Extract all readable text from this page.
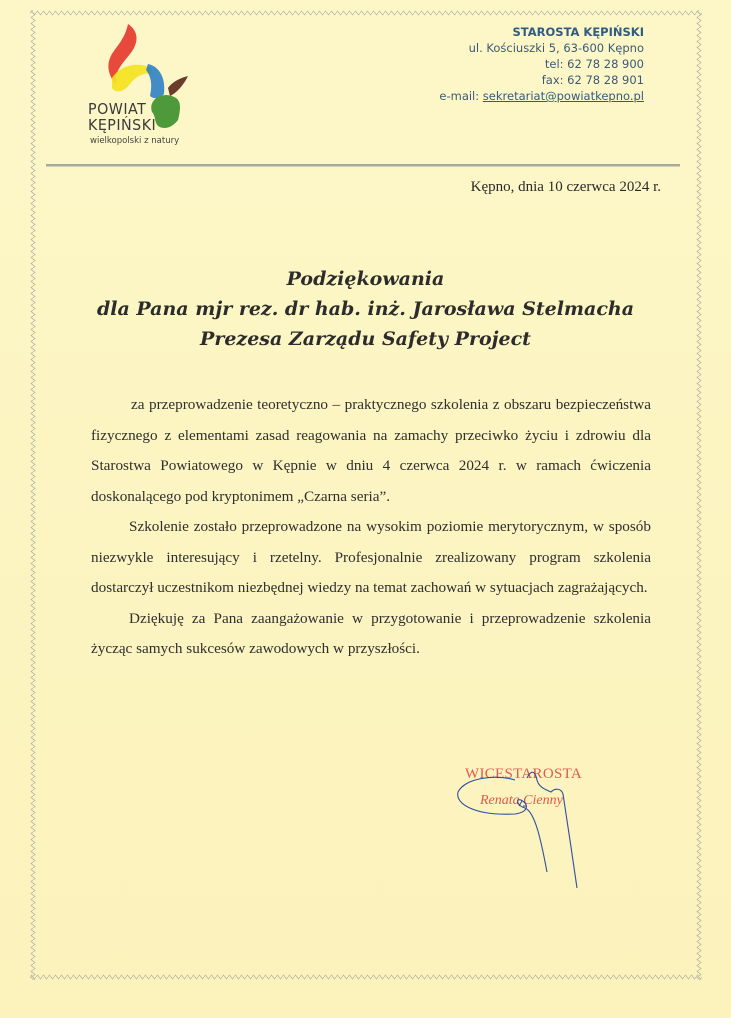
POWIAT
KĘPIŃSKI
wielkopolski z natury
STAROSTA KĘPIŃSKI
ul. Kościuszki 5, 63-600 Kępno
tel: 62 78 28 900
fax: 62 78 28 901
e-mail: sekretariat@powiatkepno.pl
Kępno, dnia 10 czerwca 2024 r.
Podziękowania
dla Pana mjr rez. dr hab. inż. Jarosława Stelmacha
Prezesa Zarządu Safety Project

za przeprowadzenie teoretyczno – praktycznego szkolenia z obszaru bezpieczeństwa fizycznego z elementami zasad reagowania na zamachy przeciwko życiu i zdrowiu dla Starostwa Powiatowego w Kępnie w dniu 4 czerwca 2024 r. w ramach ćwiczenia doskonalącego pod kryptonimem „Czarna seria”.

Szkolenie zostało przeprowadzone na wysokim poziomie merytorycznym, w sposób niezwykle interesujący i rzetelny. Profesjonalnie zrealizowany program szkolenia dostarczył uczestnikom niezbędnej wiedzy na temat zachowań w sytuacjach zagrażających.

Dziękuję za Pana zaangażowanie w przygotowanie i przeprowadzenie szkolenia życząc samych sukcesów zawodowych w przyszłości.

WICESTAROSTA
Renata Cienny
